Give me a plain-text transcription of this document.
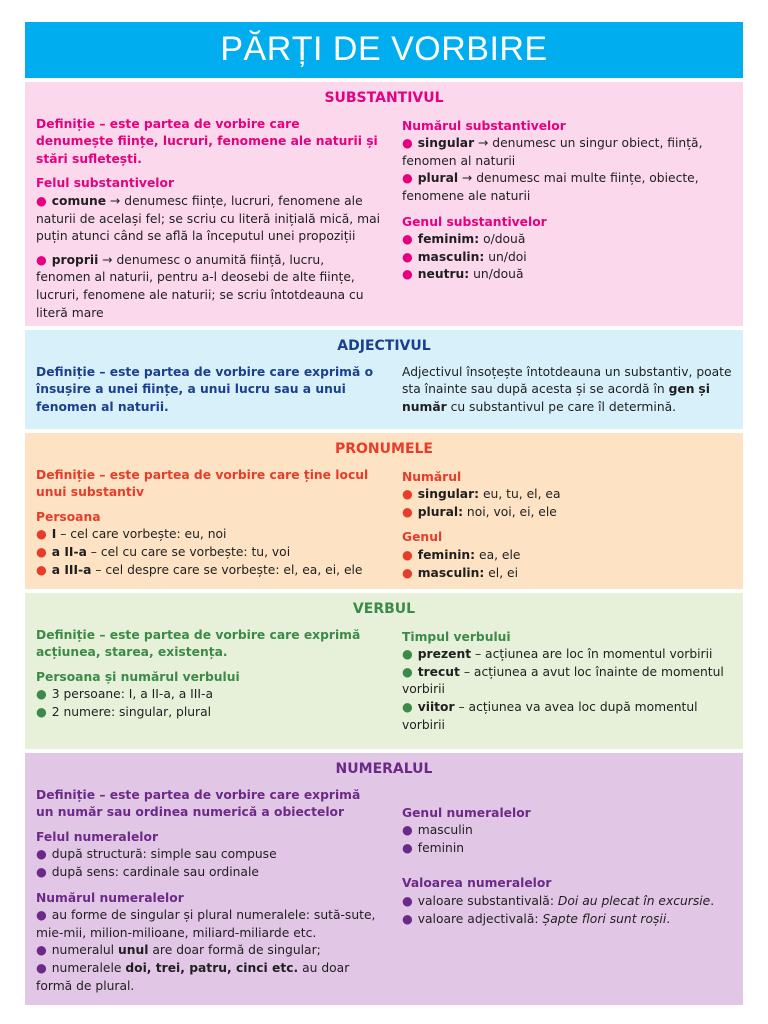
PĂRȚI DE VORBIRE
SUBSTANTIVUL
Definiție – este partea de vorbire care denumește ființe, lucruri, fenomene ale naturii și stări sufletești.
Felul substantivelor
● comune → denumesc ființe, lucruri, fenomene ale naturii de același fel; se scriu cu literă inițială mică, mai puțin atunci când se află la începutul unei propoziții
● proprii → denumesc o anumită ființă, lucru, fenomen al naturii, pentru a-l deosebi de alte ființe, lucruri, fenomene ale naturii; se scriu întotdeauna cu literă mare
Numărul substantivelor
● singular → denumesc un singur obiect, ființă, fenomen al naturii
● plural → denumesc mai multe ființe, obiecte, fenomene ale naturii
Genul substantivelor
● feminim: o/două
● masculin: un/doi
● neutru: un/două
ADJECTIVUL
Definiție – este partea de vorbire care exprimă o însușire a unei ființe, a unui lucru sau a unui fenomen al naturii.
Adjectivul însoțește întotdeauna un substantiv, poate sta înainte sau după acesta și se acordă în gen și număr cu substantivul pe care îl determină.
PRONUMELE
Definiție – este partea de vorbire care ține locul unui substantiv
Persoana
● I – cel care vorbește: eu, noi
● a II-a – cel cu care se vorbește: tu, voi
● a III-a – cel despre care se vorbește: el, ea, ei, ele
Numărul
● singular: eu, tu, el, ea
● plural: noi, voi, ei, ele
Genul
● feminin: ea, ele
● masculin: el, ei
VERBUL
Definiție – este partea de vorbire care exprimă acțiunea, starea, existența.
Persoana și numărul verbului
● 3 persoane: I, a II-a, a III-a
● 2 numere: singular, plural
Timpul verbului
● prezent – acțiunea are loc în momentul vorbirii
● trecut – acțiunea a avut loc înainte de momentul vorbirii
● viitor – acțiunea va avea loc după momentul vorbirii
NUMERALUL
Definiție – este partea de vorbire care exprimă un număr sau ordinea numerică a obiectelor
Felul numeralelor
● după structură: simple sau compuse
● după sens: cardinale sau ordinale
Numărul numeralelor
● au forme de singular și plural numeralele: sută-sute, mie-mii, milion-milioane, miliard-miliarde etc.
● numeralul unul are doar formă de singular;
● numeralele doi, trei, patru, cinci etc. au doar formă de plural.
Genul numeralelor
● masculin
● feminin
Valoarea numeralelor
● valoare substantivală: Doi au plecat în excursie.
● valoare adjectivală: Șapte flori sunt roșii.
